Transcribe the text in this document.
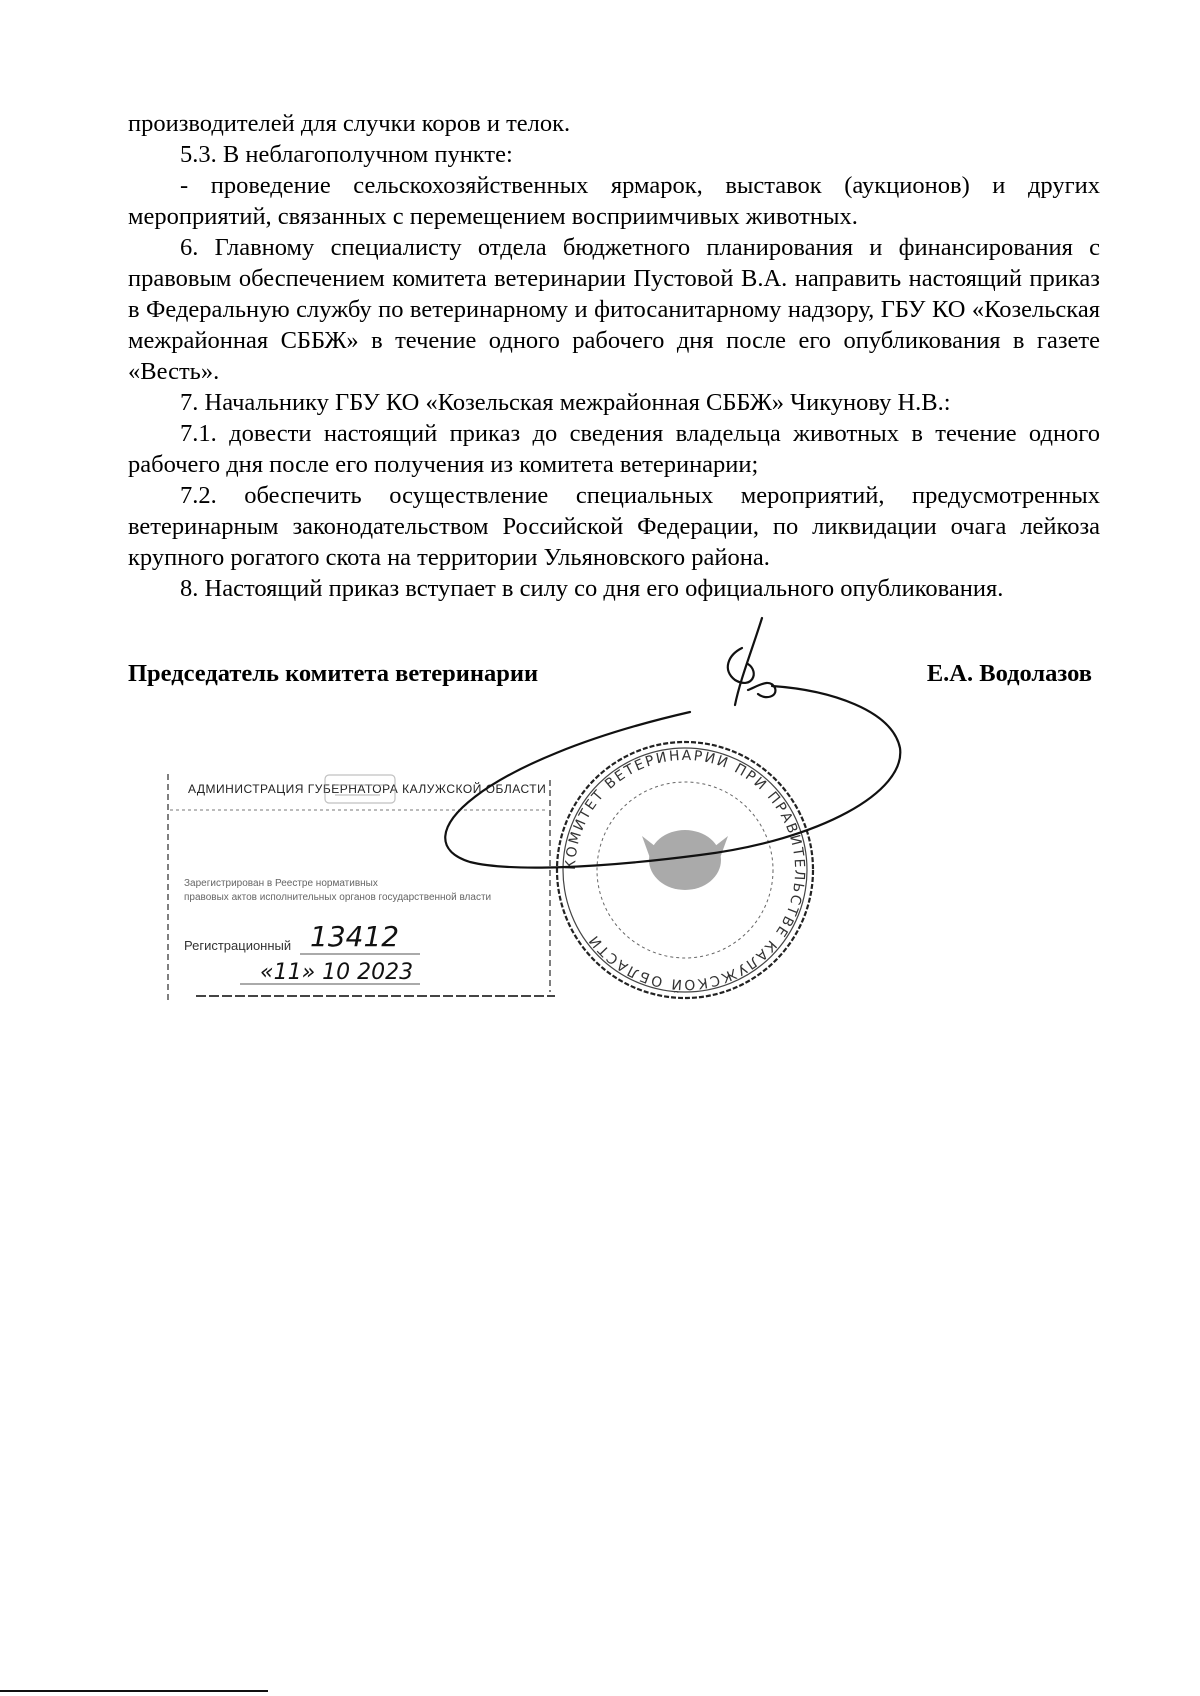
производителей для случки коров и телок.

5.3. В неблагополучном пункте:

- проведение сельскохозяйственных ярмарок, выставок (аукционов) и других мероприятий, связанных с перемещением восприимчивых животных.

6. Главному специалисту отдела бюджетного планирования и финансирования с правовым обеспечением комитета ветеринарии Пустовой В.А. направить настоящий приказ в Федеральную службу по ветеринарному и фитосанитарному надзору, ГБУ КО «Козельская межрайонная СББЖ» в течение одного рабочего дня после его опубликования в газете «Весть».

7. Начальнику ГБУ КО «Козельская межрайонная СББЖ» Чикунову Н.В.:

7.1. довести настоящий приказ до сведения владельца животных в течение одного рабочего дня после его получения из комитета ветеринарии;

7.2. обеспечить осуществление специальных мероприятий, предусмотренных ветеринарным законодательством Российской Федерации, по ликвидации очага лейкоза крупного рогатого скота на территории Ульяновского района.

8. Настоящий приказ вступает в силу со дня его официального опубликования.

Председатель комитета ветеринарии	Е.А. Водолазов
АДМИНИСТРАЦИЯ ГУБЕРНАТОРА КАЛУЖСКОЙ ОБЛАСТИ
Зарегистрирован в Реестре нормативных
правовых актов исполнительных органов государственной власти
Регистрационный 13412
«11» 10 2023
КОМИТЕТ ВЕТЕРИНАРИИ ПРИ ПРАВИТЕЛЬСТВЕ КАЛУЖСКОЙ ОБЛАСТИ
